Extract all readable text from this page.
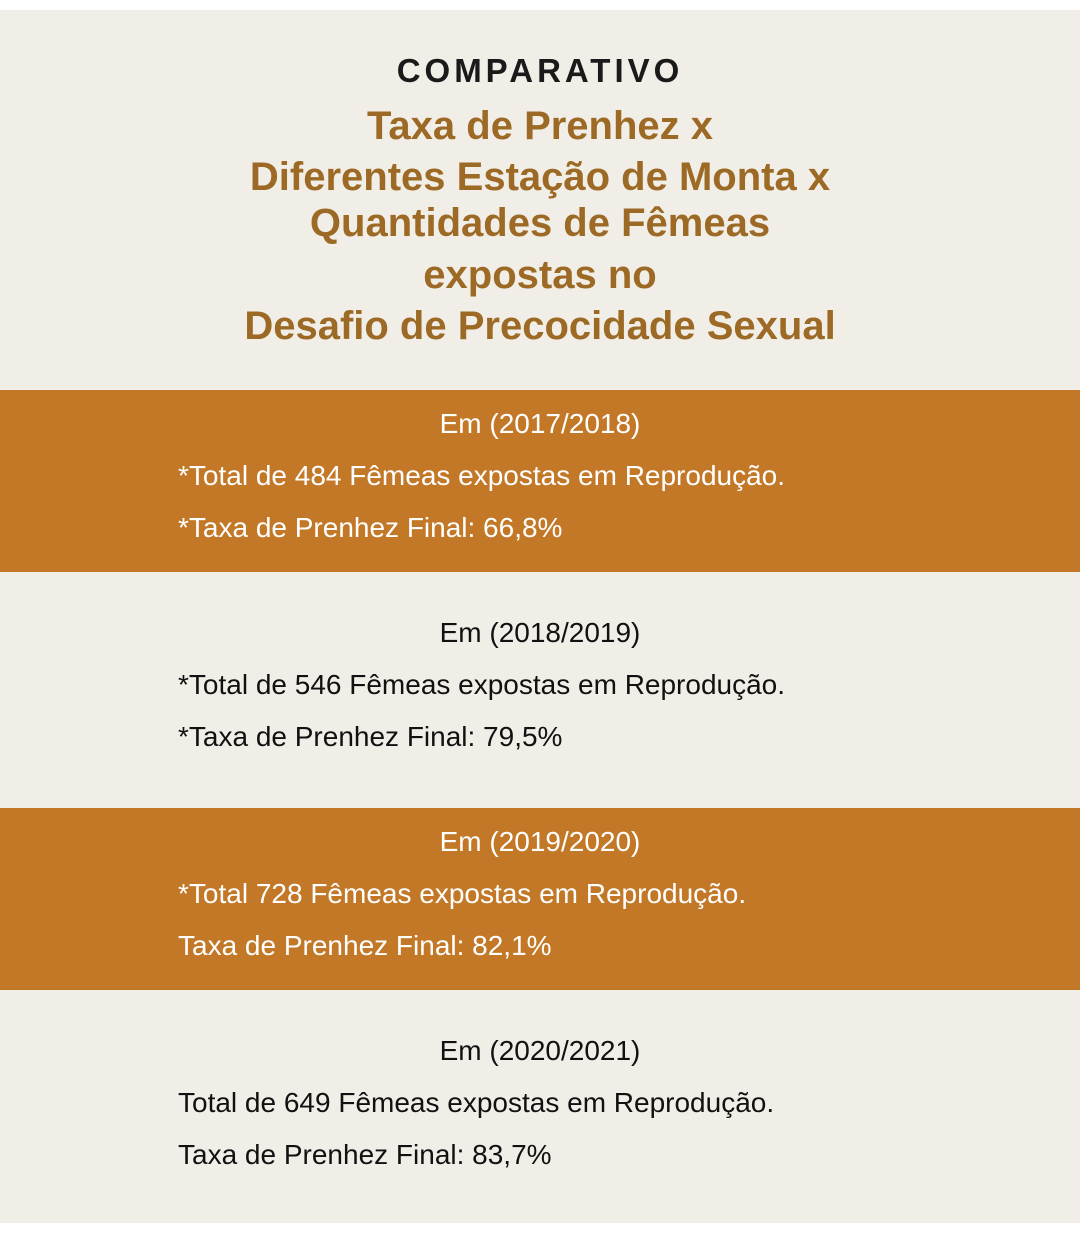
COMPARATIVO
Taxa de Prenhez x
Diferentes Estação de Monta x
Quantidades de Fêmeas
expostas no
Desafio de Precocidade Sexual
Em (2017/2018)
*Total de 484 Fêmeas expostas em Reprodução.
*Taxa de Prenhez Final: 66,8%
Em (2018/2019)
*Total de 546 Fêmeas expostas em Reprodução.
*Taxa de Prenhez Final: 79,5%
Em (2019/2020)
*Total 728 Fêmeas expostas em Reprodução.
Taxa de Prenhez Final: 82,1%
Em (2020/2021)
Total de 649 Fêmeas expostas em Reprodução.
Taxa de Prenhez Final: 83,7%
